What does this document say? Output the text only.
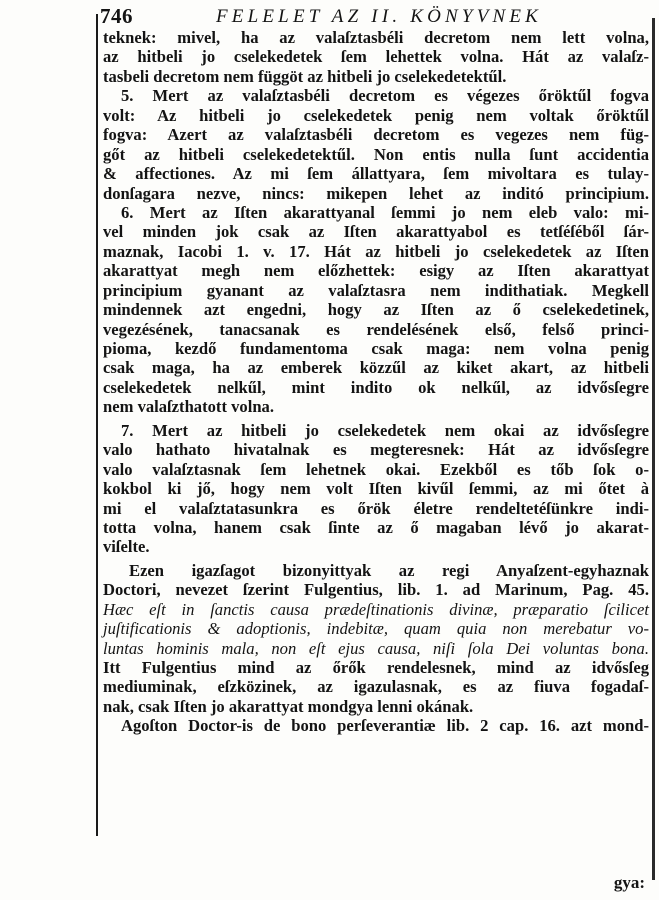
746	FELELET AZ II. KÖNYVNEK
teknek: mivel, ha az valaſztasbéli decretom nem lett volna,
az hitbeli jo cselekedetek ſem lehettek volna. Hát az valaſz-
tasbeli decretom nem függöt az hitbeli jo cselekedetektűl.
5. Mert az valaſztasbéli decretom es végezes őröktűl fogva
volt: Az hitbeli jo cselekedetek penig nem voltak őröktűl
fogva: Azert az valaſztasbéli decretom es vegezes nem füg-
gőt az hitbeli cselekedetektűl. Non entis nulla ſunt accidentia
& affectiones. Az mi ſem állattyara, ſem mivoltara es tulay-
donſagara nezve, nincs: mikepen lehet az inditó principium.
6. Mert az Iſten akarattyanal ſemmi jo nem eleb valo: mi-
vel minden jok csak az Iſten akarattyabol es tetſéſéből ſár-
maznak, Iacobi 1. v. 17. Hát az hitbeli jo cselekedetek az Iſten
akarattyat megh nem előzhettek: esigy az Iſten akarattyat
principium gyanant az valaſztasra nem indithatiak. Megkell
mindennek azt engedni, hogy az Iſten az ő cselekedetinek,
vegezésének, tanacsanak es rendelésének első, felső princi-
pioma, kezdő fundamentoma csak maga: nem volna penig
csak maga, ha az emberek közzűl az kiket akart, az hitbeli
cselekedetek nelkűl, mint indito ok nelkűl, az idvősſegre
nem valaſzthatott volna.
7. Mert az hitbeli jo cselekedetek nem okai az idvősſegre
valo hathato hivatalnak es megteresnek: Hát az idvősſegre
valo valaſztasnak ſem lehetnek okai. Ezekből es tőb ſok o-
kokbol ki jő, hogy nem volt Iſten kivűl ſemmi, az mi őtet à
mi el valaſztatasunkra es őrök életre rendeltetéſünkre indi-
totta volna, hanem csak ſinte az ő magaban lévő jo akarat-
viſelte.
Ezen igazſagot bizonyittyak az regi Anyaſzent-egyhaznak
Doctori, nevezet ſzerint Fulgentius, lib. 1. ad Marinum, Pag. 45.
Hæc eſt in ſanctis causa prædeſtinationis divinæ, præparatio ſcilicet
juſtificationis & adoptionis, indebitæ, quam quia non merebatur vo-
luntas hominis mala, non eſt ejus causa, niſi ſola Dei voluntas bona.
Itt Fulgentius mind az őrők rendelesnek, mind az idvősſeg
mediuminak, eſzközinek, az igazulasnak, es az fiuva fogadaſ-
nak, csak Iſten jo akarattyat mondgya lenni okának.
Agoſton Doctor-is de bono perſeverantiæ lib. 2 cap. 16. azt mond-
gya:
